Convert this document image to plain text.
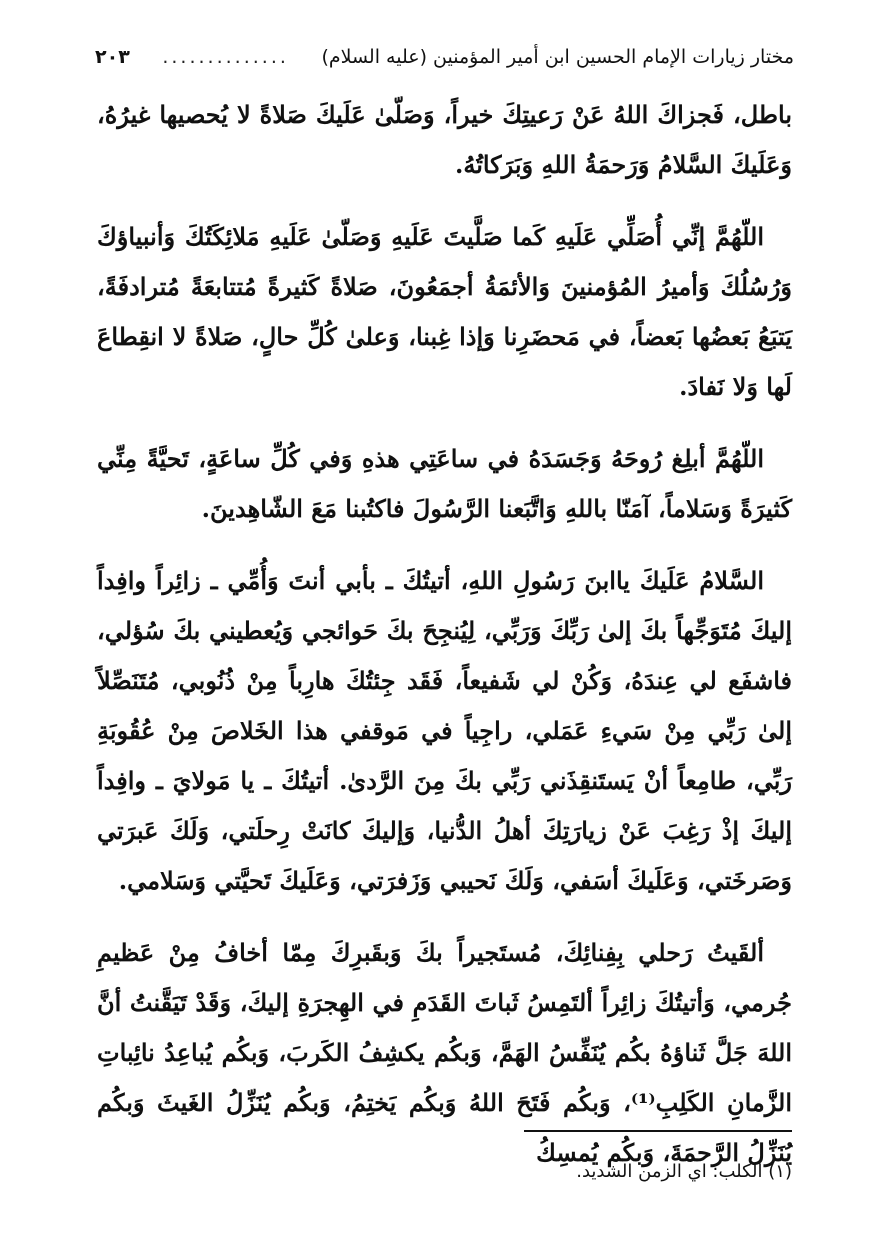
مختار زيارات الإمام الحسين ابن أمير المؤمنين (عليه السلام)
..............
٢٠٣

باطل، فَجزاكَ اللهُ عَنْ رَعيتِكَ خيراً، وَصَلّىٰ عَلَيكَ صَلاةً لا يُحصيها غيرُهُ، وَعَلَيكَ السَّلامُ وَرَحمَةُ اللهِ وَبَرَكاتُهُ.

اللّهُمَّ إنِّي أُصَلِّي عَلَيهِ كَما صَلَّيتَ عَلَيهِ وَصَلّىٰ عَلَيهِ مَلائِكَتُكَ وَأنبياؤكَ وَرُسُلُكَ وَأميرُ المُؤمنينَ وَالأئمَةُ أجمَعُونَ، صَلاةً كَثيرةً مُتتابعَةً مُترادفَةً، يَتبَعُ بَعضُها بَعضاً، في مَحضَرِنا وَإذا غِبنا، وَعلىٰ كُلِّ حالٍ، صَلاةً لا انقِطاعَ لَها وَلا نَفادَ.

اللّهُمَّ أبلِغ رُوحَهُ وَجَسَدَهُ في ساعَتِي هذهِ وَفي كُلِّ ساعَةٍ، تَحيَّةً مِنِّي كَثيرَةً وَسَلاماً، آمَنّا باللهِ وَاتَّبَعنا الرَّسُولَ فاكتُبنا مَعَ الشّاهِدينَ.

السَّلامُ عَلَيكَ ياابنَ رَسُولِ اللهِ، أتيتُكَ ـ بأبي أنتَ وَأُمِّي ـ زائِراً وافِداً إليكَ مُتَوَجِّهاً بكَ إلىٰ رَبِّكَ وَرَبِّي، لِيُنجِحَ بكَ حَوائجي وَيُعطيني بكَ سُؤلي، فاشفَع لي عِندَهُ، وَكُنْ لي شَفيعاً، فَقَد جِئتُكَ هارِباً مِنْ ذُنُوبي، مُتَنَصِّلاً إلىٰ رَبِّي مِنْ سَيءِ عَمَلي، راجِياً في مَوقفي هذا الخَلاصَ مِنْ عُقُوبَةِ رَبِّي، طامِعاً أنْ يَستَنقِذَني رَبِّي بكَ مِنَ الرَّدىٰ. أتيتُكَ ـ يا مَولايَ ـ وافِداً إليكَ إذْ رَغِبَ عَنْ زيارَتِكَ أهلُ الدُّنيا، وَإليكَ كانَتْ رِحلَتي، وَلَكَ عَبرَتي وَصَرخَتي، وَعَلَيكَ أسَفي، وَلَكَ نَحيبي وَزَفرَتي، وَعَلَيكَ تَحيَّتي وَسَلامي.

ألقَيتُ رَحلي بِفِنائِكَ، مُستَجيراً بكَ وَبقَبرِكَ مِمّا أخافُ مِنْ عَظيمِ جُرمي، وَأتيتُكَ زائِراً ألتَمِسُ ثَباتَ القَدَمِ في الهِجرَةِ إليكَ، وَقَدْ تَيَقَّنتُ أنَّ اللهَ جَلَّ ثَناؤهُ بكُم يُنَفِّسُ الهَمَّ، وَبكُم يكشِفُ الكَربَ، وَبكُم يُباعِدُ نائِباتِ الزَّمانِ الكَلِبِ⁽¹⁾، وَبكُم فَتَحَ اللهُ وَبكُم يَختِمُ، وَبكُم يُنَزِّلُ الغَيثَ وَبكُم يُنَزِّلُ الرَّحمَةَ، وَبكُم يُمسِكُ

(١) الكلب: اي الزمن الشديد.
